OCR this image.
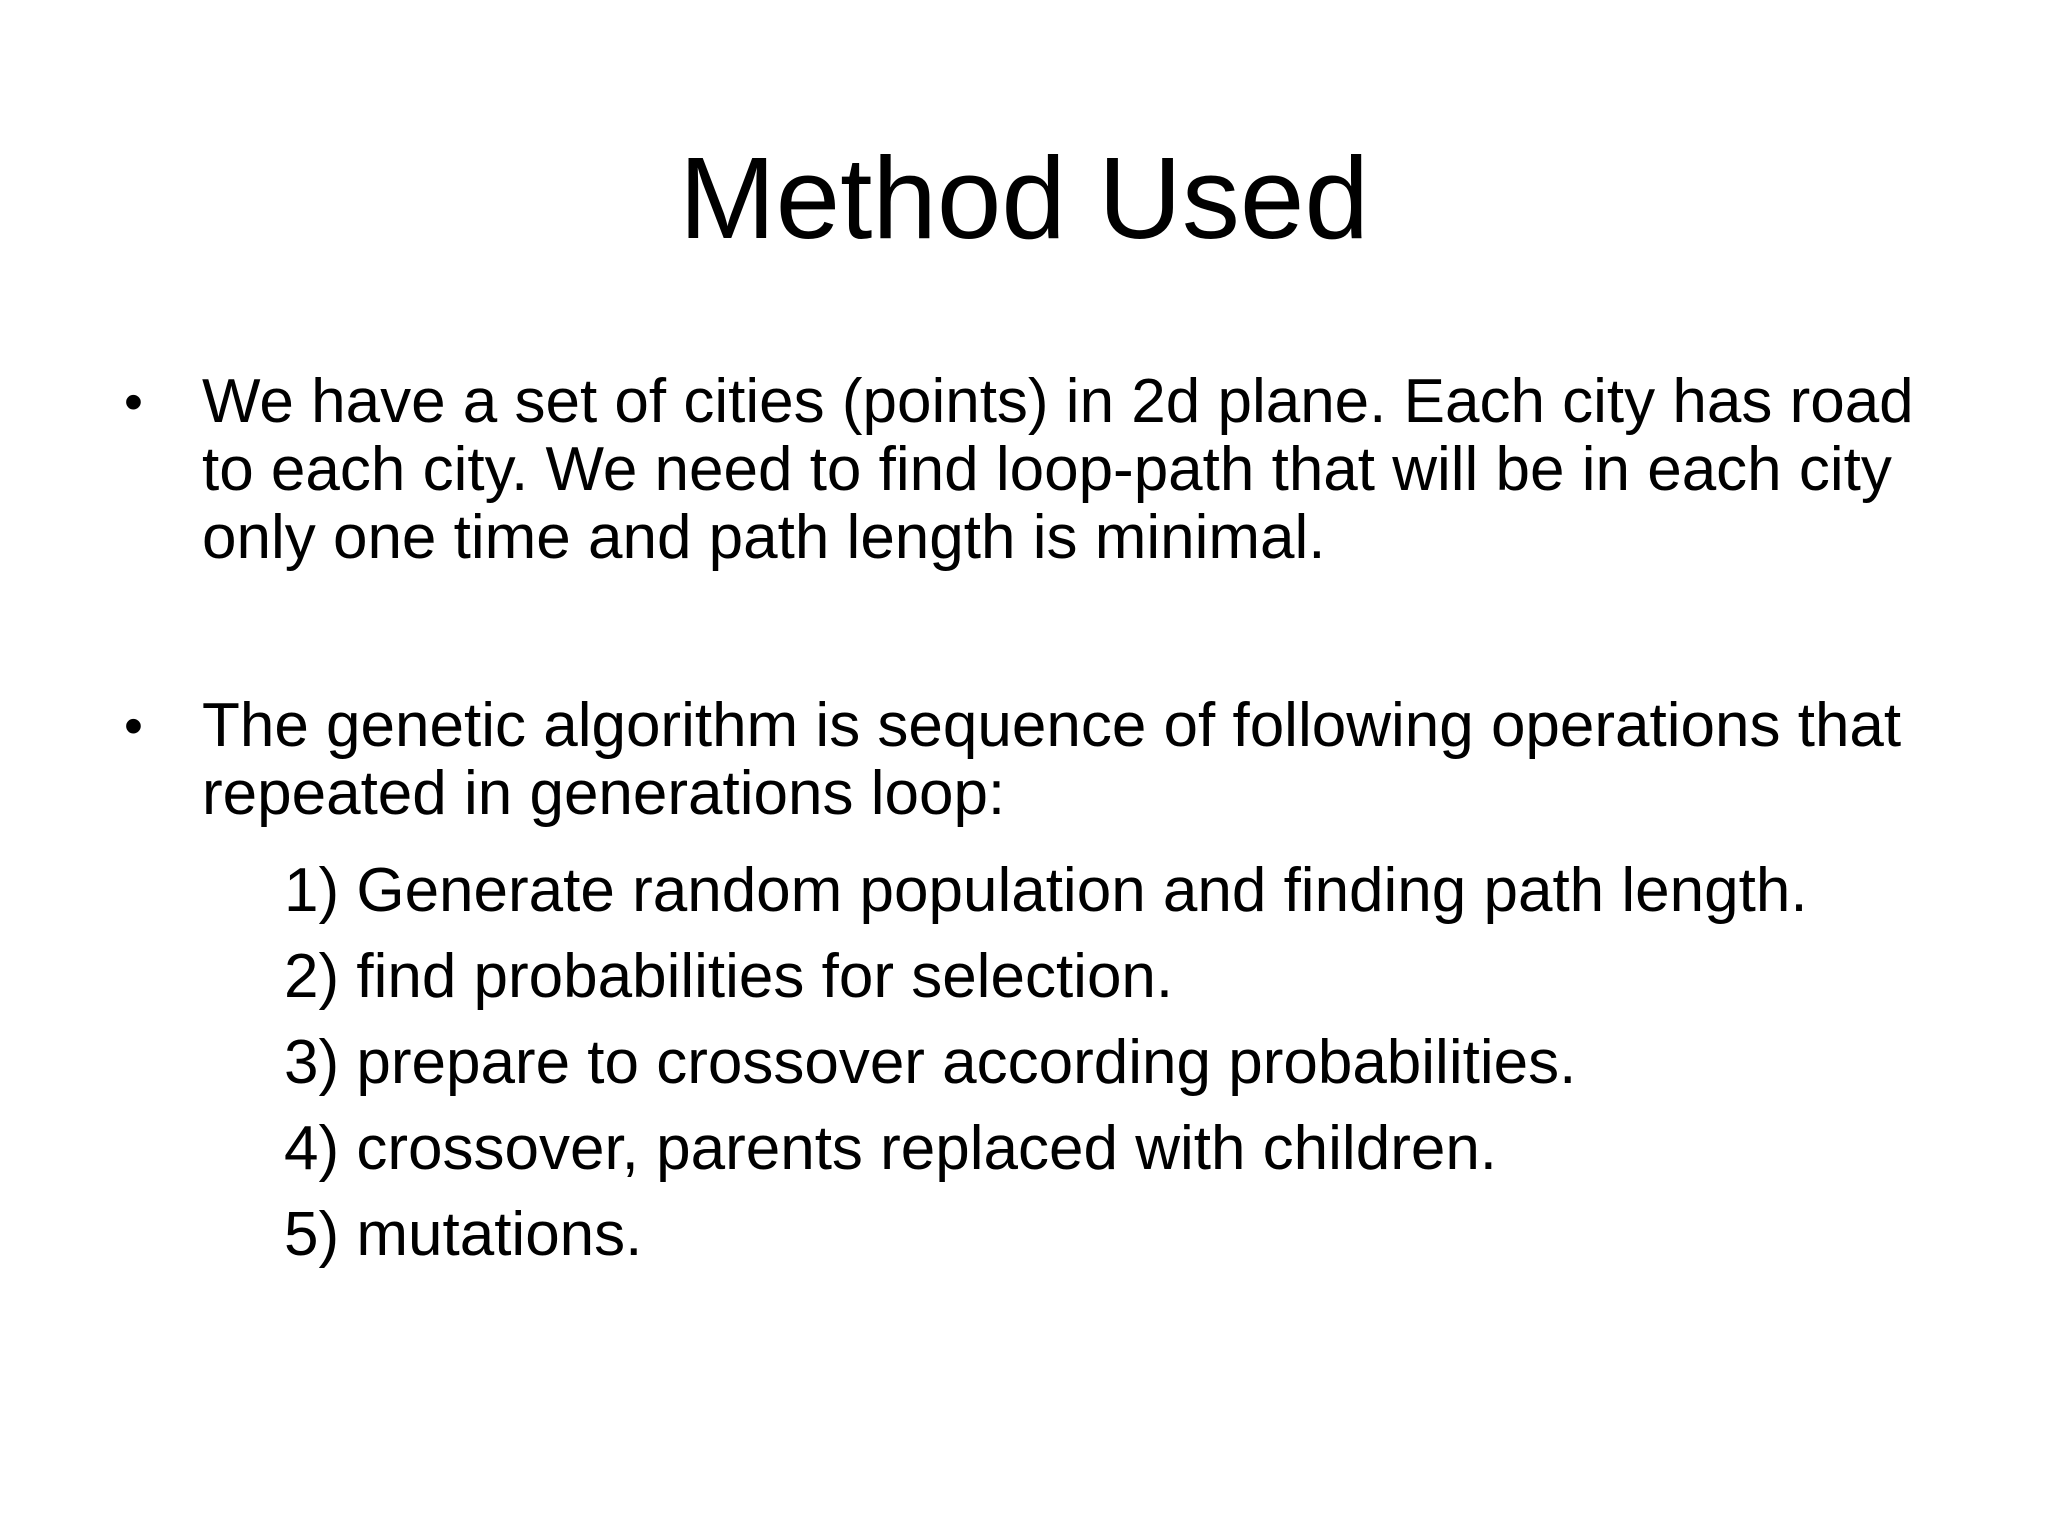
Method Used
• We have a set of cities (points) in 2d plane. Each city has road to each city. We need to find loop-path that will be in each city only one time and path length is minimal.
• The genetic algorithm is sequence of following operations that repeated in generations loop:
1) Generate random population and finding path length.
2) find probabilities for selection.
3) prepare to crossover according probabilities.
4) crossover, parents replaced with children.
5) mutations.
